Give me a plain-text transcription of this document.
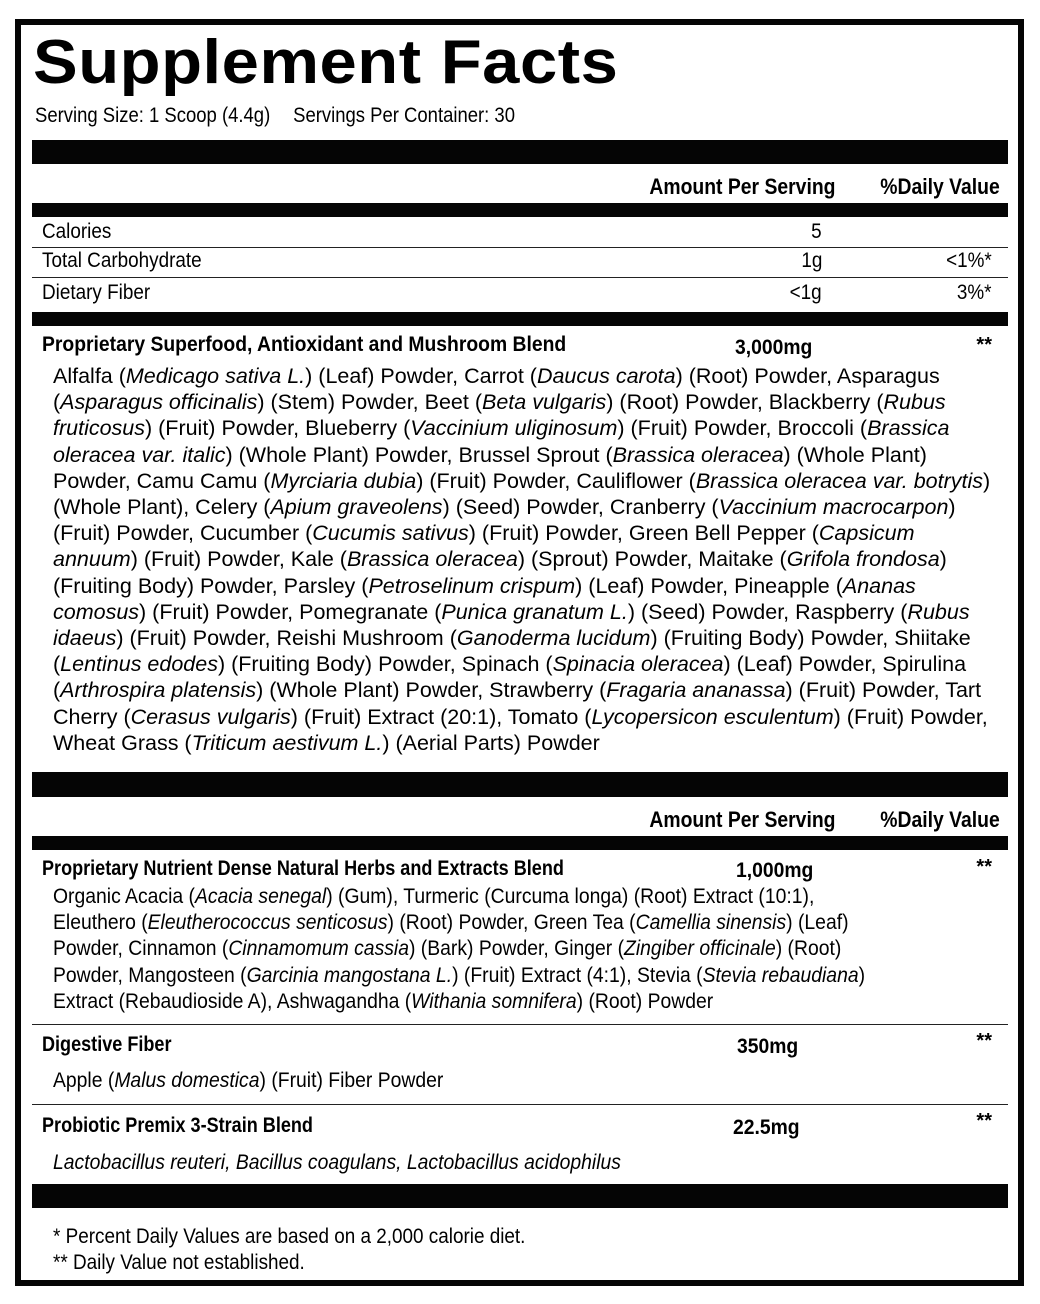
Supplement Facts
Serving Size: 1 Scoop (4.4g) Servings Per Container: 30
Amount Per Serving %Daily Value
Calories	5
Total Carbohydrate	1g	<1%*
Dietary Fiber	<1g	3%*
Proprietary Superfood, Antioxidant and Mushroom Blend	3,000mg	**
Alfalfa (Medicago sativa L.) (Leaf) Powder, Carrot (Daucus carota) (Root) Powder, Asparagus
(Asparagus officinalis) (Stem) Powder, Beet (Beta vulgaris) (Root) Powder, Blackberry (Rubus
fruticosus) (Fruit) Powder, Blueberry (Vaccinium uliginosum) (Fruit) Powder, Broccoli (Brassica
oleracea var. italic) (Whole Plant) Powder, Brussel Sprout (Brassica oleracea) (Whole Plant)
Powder, Camu Camu (Myrciaria dubia) (Fruit) Powder, Cauliflower (Brassica oleracea var. botrytis)
(Whole Plant), Celery (Apium graveolens) (Seed) Powder, Cranberry (Vaccinium macrocarpon)
(Fruit) Powder, Cucumber (Cucumis sativus) (Fruit) Powder, Green Bell Pepper (Capsicum
annuum) (Fruit) Powder, Kale (Brassica oleracea) (Sprout) Powder, Maitake (Grifola frondosa)
(Fruiting Body) Powder, Parsley (Petroselinum crispum) (Leaf) Powder, Pineapple (Ananas
comosus) (Fruit) Powder, Pomegranate (Punica granatum L.) (Seed) Powder, Raspberry (Rubus
idaeus) (Fruit) Powder, Reishi Mushroom (Ganoderma lucidum) (Fruiting Body) Powder, Shiitake
(Lentinus edodes) (Fruiting Body) Powder, Spinach (Spinacia oleracea) (Leaf) Powder, Spirulina
(Arthrospira platensis) (Whole Plant) Powder, Strawberry (Fragaria ananassa) (Fruit) Powder, Tart
Cherry (Cerasus vulgaris) (Fruit) Extract (20:1), Tomato (Lycopersicon esculentum) (Fruit) Powder,
Wheat Grass (Triticum aestivum L.) (Aerial Parts) Powder
Amount Per Serving %Daily Value
Proprietary Nutrient Dense Natural Herbs and Extracts Blend	1,000mg	**
Organic Acacia (Acacia senegal) (Gum), Turmeric (Curcuma longa) (Root) Extract (10:1),
Eleuthero (Eleutherococcus senticosus) (Root) Powder, Green Tea (Camellia sinensis) (Leaf)
Powder, Cinnamon (Cinnamomum cassia) (Bark) Powder, Ginger (Zingiber officinale) (Root)
Powder, Mangosteen (Garcinia mangostana L.) (Fruit) Extract (4:1), Stevia (Stevia rebaudiana)
Extract (Rebaudioside A), Ashwagandha (Withania somnifera) (Root) Powder
Digestive Fiber	350mg	**
Apple (Malus domestica) (Fruit) Fiber Powder
Probiotic Premix 3-Strain Blend	22.5mg	**
Lactobacillus reuteri, Bacillus coagulans, Lactobacillus acidophilus
* Percent Daily Values are based on a 2,000 calorie diet.
** Daily Value not established.
